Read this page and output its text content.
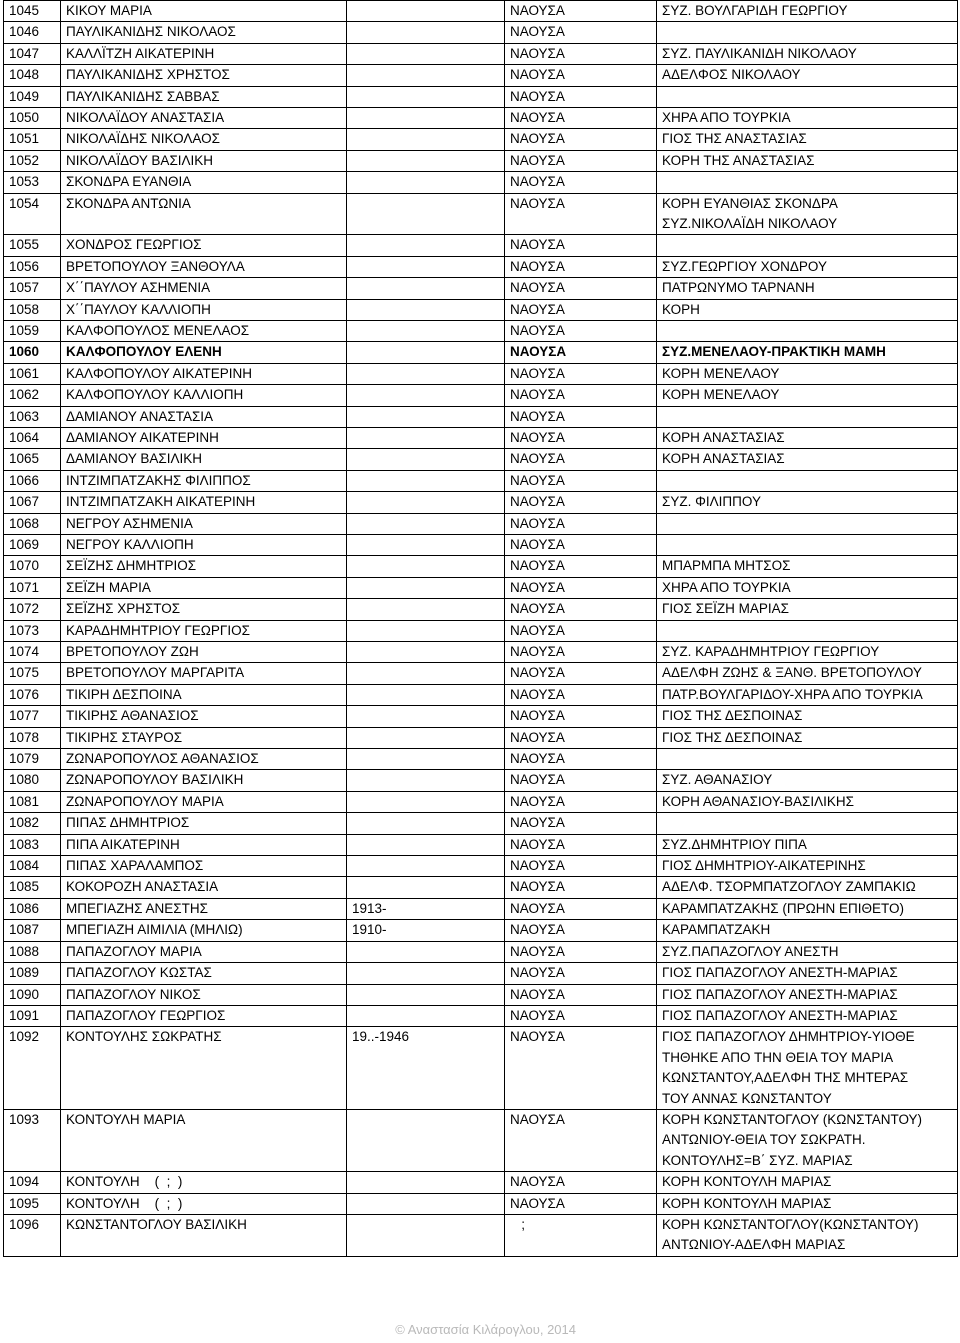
1045	ΚΙΚΟΥ ΜΑΡΙΑ		ΝΑΟΥΣΑ	ΣΥΖ. ΒΟΥΛΓΑΡΙΔΗ ΓΕΩΡΓΙΟΥ

1046	ΠΑΥΛΙΚΑΝΙΔΗΣ ΝΙΚΟΛΑΟΣ		ΝΑΟΥΣΑ	
1047	ΚΑΛΛΪΤΖΗ ΑΙΚΑΤΕΡΙΝΗ		ΝΑΟΥΣΑ	ΣΥΖ. ΠΑΥΛΙΚΑΝΙΔΗ ΝΙΚΟΛΑΟΥ

1048	ΠΑΥΛΙΚΑΝΙΔΗΣ ΧΡΗΣΤΟΣ		ΝΑΟΥΣΑ	ΑΔΕΛΦΟΣ ΝΙΚΟΛΑΟΥ

1049	ΠΑΥΛΙΚΑΝΙΔΗΣ ΣΑΒΒΑΣ		ΝΑΟΥΣΑ	
1050	ΝΙΚΟΛΑΪΔΟΥ ΑΝΑΣΤΑΣΙΑ		ΝΑΟΥΣΑ	ΧΗΡΑ ΑΠΟ ΤΟΥΡΚΙΑ

1051	ΝΙΚΟΛΑΪΔΗΣ ΝΙΚΟΛΑΟΣ		ΝΑΟΥΣΑ	ΓΙΟΣ ΤΗΣ ΑΝΑΣΤΑΣΙΑΣ

1052	ΝΙΚΟΛΑΪΔΟΥ ΒΑΣΙΛΙΚΗ		ΝΑΟΥΣΑ	ΚΟΡΗ ΤΗΣ ΑΝΑΣΤΑΣΙΑΣ

1053	ΣΚΟΝΔΡΑ ΕΥΑΝΘΙΑ		ΝΑΟΥΣΑ	
1054	ΣΚΟΝΔΡΑ ΑΝΤΩΝΙΑ		ΝΑΟΥΣΑ	ΚΟΡΗ ΕΥΑΝΘΙΑΣ ΣΚΟΝΔΡΑ
ΣΥΖ.ΝΙΚΟΛΑΪΔΗ ΝΙΚΟΛΑΟΥ

1055	ΧΟΝΔΡΟΣ ΓΕΩΡΓΙΟΣ		ΝΑΟΥΣΑ	
1056	ΒΡΕΤΟΠΟΥΛΟΥ ΞΑΝΘΟΥΛΑ		ΝΑΟΥΣΑ	ΣΥΖ.ΓΕΩΡΓΙΟΥ ΧΟΝΔΡΟΥ

1057	Χ΄΄ΠΑΥΛΟΥ ΑΣΗΜΕΝΙΑ		ΝΑΟΥΣΑ	ΠΑΤΡΩΝΥΜΟ ΤΑΡΝΑΝΗ

1058	Χ΄΄ΠΑΥΛΟΥ ΚΑΛΛΙΟΠΗ		ΝΑΟΥΣΑ	ΚΟΡΗ

1059	ΚΑΛΦΟΠΟΥΛΟΣ ΜΕΝΕΛΑΟΣ		ΝΑΟΥΣΑ	
1060	ΚΑΛΦΟΠΟΥΛΟΥ ΕΛΕΝΗ		ΝΑΟΥΣΑ	ΣΥΖ.ΜΕΝΕΛΑΟΥ-ΠΡΑΚΤΙΚΗ ΜΑΜΗ

1061	ΚΑΛΦΟΠΟΥΛΟΥ ΑΙΚΑΤΕΡΙΝΗ		ΝΑΟΥΣΑ	ΚΟΡΗ ΜΕΝΕΛΑΟΥ

1062	ΚΑΛΦΟΠΟΥΛΟΥ ΚΑΛΛΙΟΠΗ		ΝΑΟΥΣΑ	ΚΟΡΗ ΜΕΝΕΛΑΟΥ

1063	ΔΑΜΙΑΝΟΥ ΑΝΑΣΤΑΣΙΑ		ΝΑΟΥΣΑ	
1064	ΔΑΜΙΑΝΟΥ ΑΙΚΑΤΕΡΙΝΗ		ΝΑΟΥΣΑ	ΚΟΡΗ ΑΝΑΣΤΑΣΙΑΣ

1065	ΔΑΜΙΑΝΟΥ ΒΑΣΙΛΙΚΗ		ΝΑΟΥΣΑ	ΚΟΡΗ ΑΝΑΣΤΑΣΙΑΣ

1066	ΙΝΤΖΙΜΠΑΤΖΑΚΗΣ ΦΙΛΙΠΠΟΣ		ΝΑΟΥΣΑ	
1067	ΙΝΤΖΙΜΠΑΤΖΑΚΗ ΑΙΚΑΤΕΡΙΝΗ		ΝΑΟΥΣΑ	ΣΥΖ. ΦΙΛΙΠΠΟΥ

1068	ΝΕΓΡΟΥ ΑΣΗΜΕΝΙΑ		ΝΑΟΥΣΑ	
1069	ΝΕΓΡΟΥ ΚΑΛΛΙΟΠΗ		ΝΑΟΥΣΑ	
1070	ΣΕΪΖΗΣ ΔΗΜΗΤΡΙΟΣ		ΝΑΟΥΣΑ	ΜΠΑΡΜΠΑ ΜΗΤΣΟΣ

1071	ΣΕΪΖΗ ΜΑΡΙΑ		ΝΑΟΥΣΑ	ΧΗΡΑ ΑΠΟ ΤΟΥΡΚΙΑ

1072	ΣΕΪΖΗΣ ΧΡΗΣΤΟΣ		ΝΑΟΥΣΑ	ΓΙΟΣ ΣΕΪΖΗ ΜΑΡΙΑΣ

1073	ΚΑΡΑΔΗΜΗΤΡΙΟΥ ΓΕΩΡΓΙΟΣ		ΝΑΟΥΣΑ	
1074	ΒΡΕΤΟΠΟΥΛΟΥ ΖΩΗ		ΝΑΟΥΣΑ	ΣΥΖ. ΚΑΡΑΔΗΜΗΤΡΙΟΥ ΓΕΩΡΓΙΟΥ

1075	ΒΡΕΤΟΠΟΥΛΟΥ ΜΑΡΓΑΡΙΤΑ		ΝΑΟΥΣΑ	ΑΔΕΛΦΗ ΖΩΗΣ & ΞΑΝΘ. ΒΡΕΤΟΠΟΥΛΟΥ

1076	ΤΙΚΙΡΗ ΔΕΣΠΟΙΝΑ		ΝΑΟΥΣΑ	ΠΑΤΡ.ΒΟΥΛΓΑΡΙΔΟΥ-ΧΗΡΑ ΑΠΟ ΤΟΥΡΚΙΑ

1077	ΤΙΚΙΡΗΣ ΑΘΑΝΑΣΙΟΣ		ΝΑΟΥΣΑ	ΓΙΟΣ ΤΗΣ ΔΕΣΠΟΙΝΑΣ

1078	ΤΙΚΙΡΗΣ ΣΤΑΥΡΟΣ		ΝΑΟΥΣΑ	ΓΙΟΣ ΤΗΣ ΔΕΣΠΟΙΝΑΣ

1079	ΖΩΝΑΡΟΠΟΥΛΟΣ ΑΘΑΝΑΣΙΟΣ		ΝΑΟΥΣΑ	
1080	ΖΩΝΑΡΟΠΟΥΛΟΥ ΒΑΣΙΛΙΚΗ		ΝΑΟΥΣΑ	ΣΥΖ. ΑΘΑΝΑΣΙΟΥ

1081	ΖΩΝΑΡΟΠΟΥΛΟΥ ΜΑΡΙΑ		ΝΑΟΥΣΑ	ΚΟΡΗ ΑΘΑΝΑΣΙΟΥ-ΒΑΣΙΛΙΚΗΣ

1082	ΠΙΠΑΣ ΔΗΜΗΤΡΙΟΣ		ΝΑΟΥΣΑ	
1083	ΠΙΠΑ ΑΙΚΑΤΕΡΙΝΗ		ΝΑΟΥΣΑ	ΣΥΖ.ΔΗΜΗΤΡΙΟΥ ΠΙΠΑ

1084	ΠΙΠΑΣ ΧΑΡΑΛΑΜΠΟΣ		ΝΑΟΥΣΑ	ΓΙΟΣ ΔΗΜΗΤΡΙΟΥ-ΑΙΚΑΤΕΡΙΝΗΣ

1085	ΚΟΚΟΡΟΖΗ ΑΝΑΣΤΑΣΙΑ		ΝΑΟΥΣΑ	ΑΔΕΛΦ. ΤΣΟΡΜΠΑΤΖΟΓΛΟΥ ΖΑΜΠΑΚΙΩ

1086	ΜΠΕΓΙΑΖΗΣ ΑΝΕΣΤΗΣ	1913-	ΝΑΟΥΣΑ	ΚΑΡΑΜΠΑΤΖΑΚΗΣ (ΠΡΩΗΝ ΕΠΙΘΕΤΟ)

1087	ΜΠΕΓΙΑΖΗ ΑΙΜΙΛΙΑ (ΜΗΛΙΩ)	1910-	ΝΑΟΥΣΑ	ΚΑΡΑΜΠΑΤΖΑΚΗ

1088	ΠΑΠΑΖΟΓΛΟΥ ΜΑΡΙΑ		ΝΑΟΥΣΑ	ΣΥΖ.ΠΑΠΑΖΟΓΛΟΥ ΑΝΕΣΤΗ

1089	ΠΑΠΑΖΟΓΛΟΥ ΚΩΣΤΑΣ		ΝΑΟΥΣΑ	ΓΙΟΣ ΠΑΠΑΖΟΓΛΟΥ ΑΝΕΣΤΗ-ΜΑΡΙΑΣ

1090	ΠΑΠΑΖΟΓΛΟΥ ΝΙΚΟΣ		ΝΑΟΥΣΑ	ΓΙΟΣ ΠΑΠΑΖΟΓΛΟΥ ΑΝΕΣΤΗ-ΜΑΡΙΑΣ

1091	ΠΑΠΑΖΟΓΛΟΥ ΓΕΩΡΓΙΟΣ		ΝΑΟΥΣΑ	ΓΙΟΣ ΠΑΠΑΖΟΓΛΟΥ ΑΝΕΣΤΗ-ΜΑΡΙΑΣ

1092	ΚΟΝΤΟΥΛΗΣ ΣΩΚΡΑΤΗΣ	19..-1946	ΝΑΟΥΣΑ	ΓΙΟΣ ΠΑΠΑΖΟΓΛΟΥ ΔΗΜΗΤΡΙΟΥ-ΥΙΟΘΕ
ΤΗΘΗΚΕ ΑΠΟ ΤΗΝ ΘΕΙΑ ΤΟΥ ΜΑΡΙΑ
ΚΩΝΣΤΑΝΤΟΥ,ΑΔΕΛΦΗ ΤΗΣ ΜΗΤΕΡΑΣ
ΤΟΥ ΑΝΝΑΣ ΚΩΝΣΤΑΝΤΟΥ

1093	ΚΟΝΤΟΥΛΗ ΜΑΡΙΑ		ΝΑΟΥΣΑ	ΚΟΡΗ ΚΩΝΣΤΑΝΤΟΓΛΟΥ (ΚΩΝΣΤΑΝΤΟΥ)
ΑΝΤΩΝΙΟΥ-ΘΕΙΑ ΤΟΥ ΣΩΚΡΑΤΗ.
ΚΟΝΤΟΥΛΗΣ=Β΄ ΣΥΖ. ΜΑΡΙΑΣ

1094	ΚΟΝΤΟΥΛΗ    (  ;  )		ΝΑΟΥΣΑ	ΚΟΡΗ ΚΟΝΤΟΥΛΗ ΜΑΡΙΑΣ

1095	ΚΟΝΤΟΥΛΗ    (  ;  )		ΝΑΟΥΣΑ	ΚΟΡΗ ΚΟΝΤΟΥΛΗ ΜΑΡΙΑΣ

1096	ΚΩΝΣΤΑΝΤΟΓΛΟΥ ΒΑΣΙΛΙΚΗ		;	ΚΟΡΗ ΚΩΝΣΤΑΝΤΟΓΛΟΥ(ΚΩΝΣΤΑΝΤΟΥ)
ΑΝΤΩΝΙΟΥ-ΑΔΕΛΦΗ ΜΑΡΙΑΣ
© Αναστασία Κιλάρογλου, 2014
